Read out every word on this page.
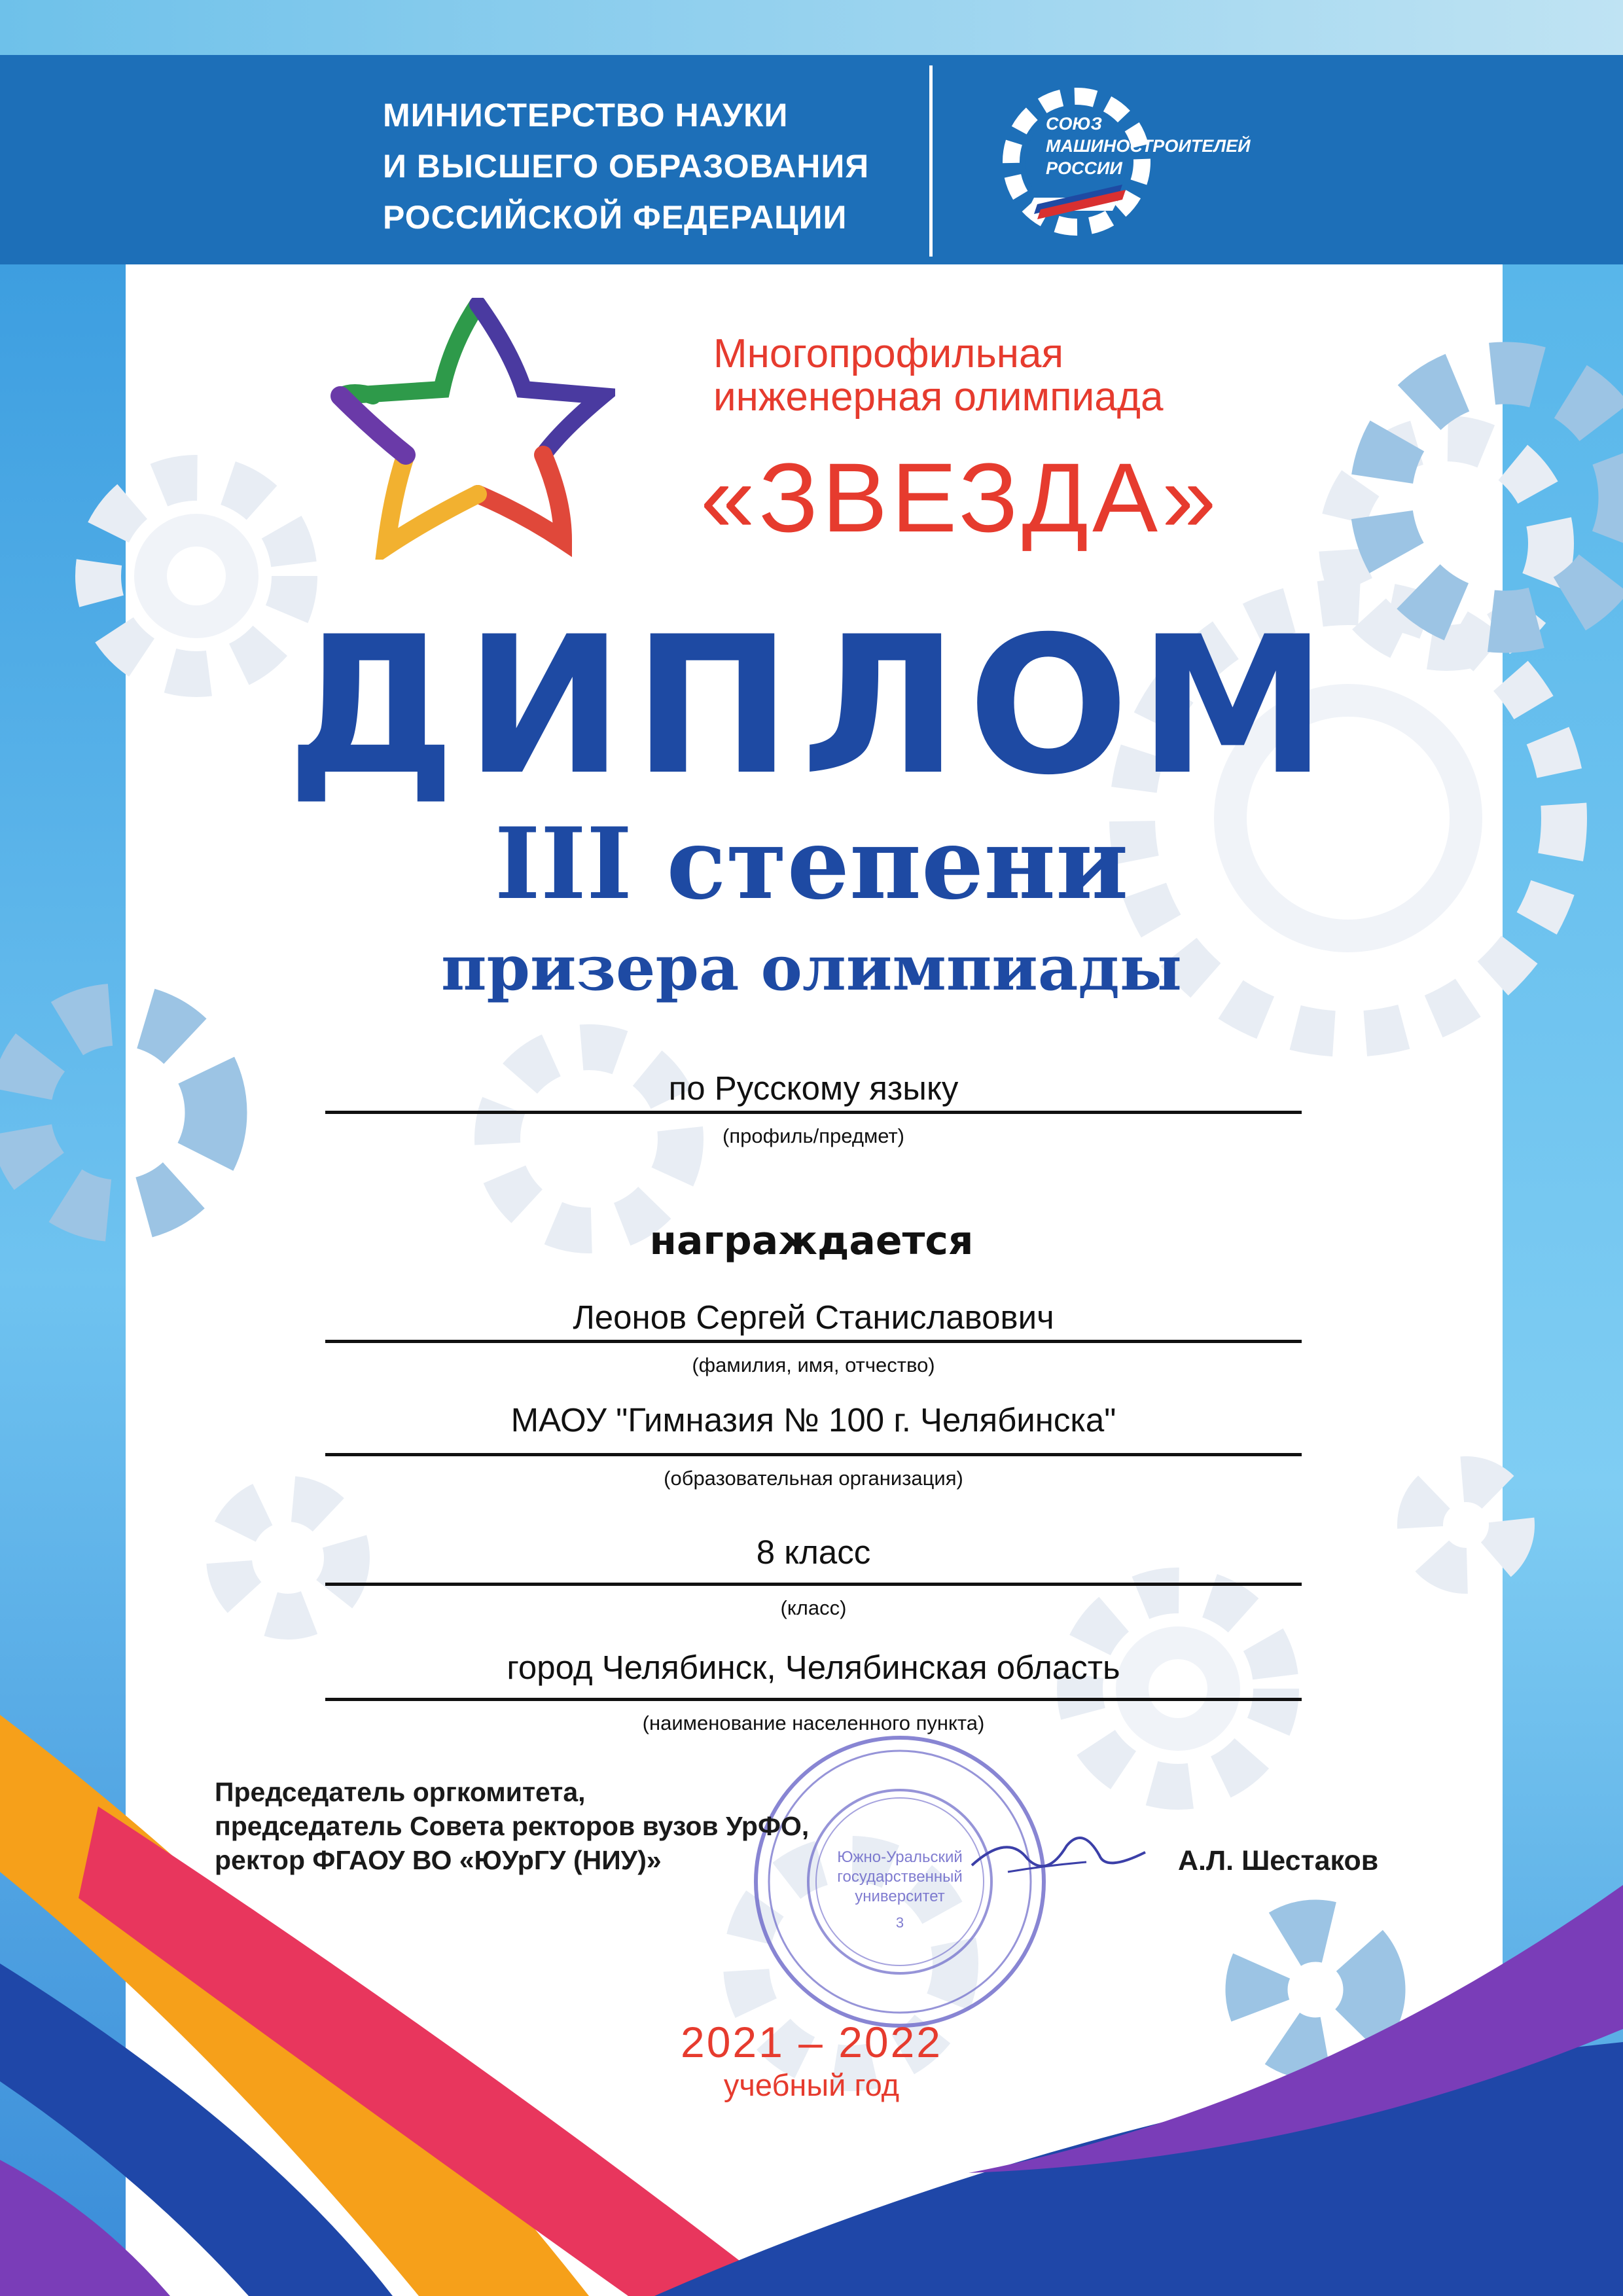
МИНИСТЕРСТВО НАУКИ
И ВЫСШЕГО ОБРАЗОВАНИЯ
РОССИЙСКОЙ ФЕДЕРАЦИИ
СОЮЗ
МАШИНОСТРОИТЕЛЕЙ
РОССИИ
Многопрофильная
инженерная олимпиада
«ЗВЕЗДА»
ДИПЛОМ
III степени
призера олимпиады
по Русскому языку
(профиль/предмет)
награждается
Леонов Сергей Станиславович
(фамилия, имя, отчество)
МАОУ "Гимназия № 100 г. Челябинска"
(образовательная организация)
8 класс
(класс)
город Челябинск, Челябинская область
(наименование населенного пункта)
Южно-Уральский
государственный
университет
3
Председатель оргкомитета,
председатель Совета ректоров вузов УрФО,
ректор ФГАОУ ВО «ЮУрГУ (НИУ)»	А.Л. Шестаков
2021 – 2022
учебный год
